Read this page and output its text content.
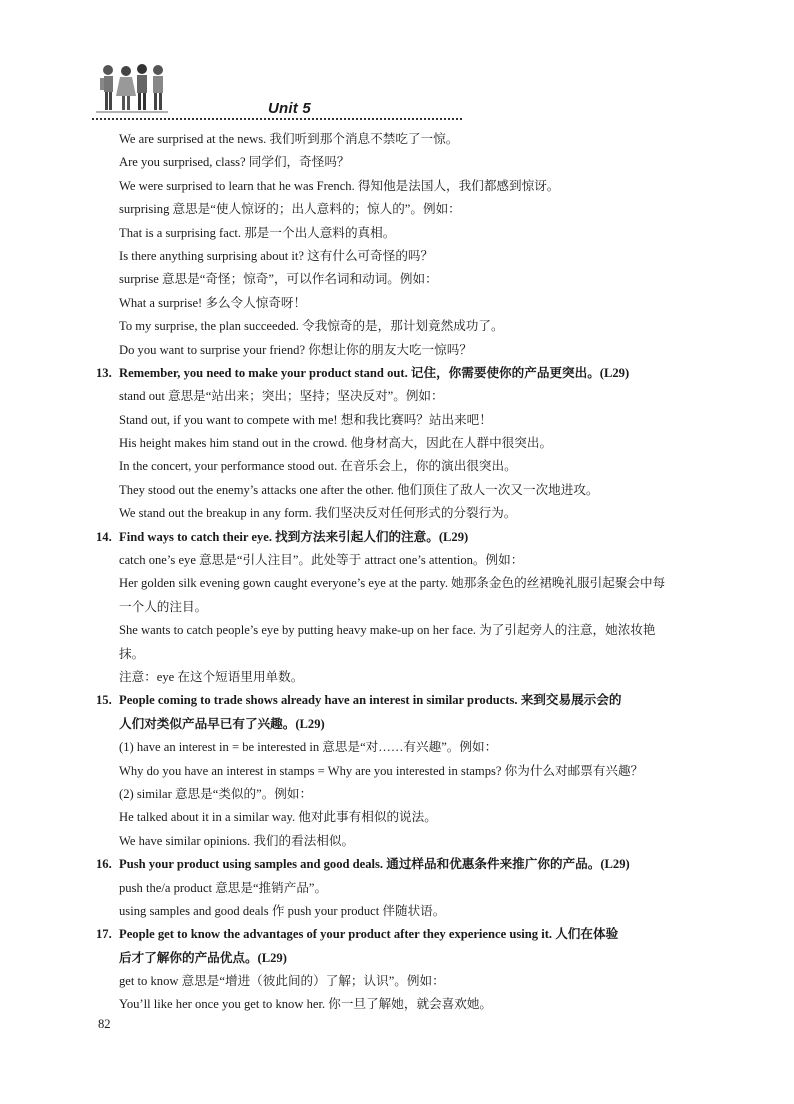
Unit 5
We are surprised at the news. 我们听到那个消息不禁吃了一惊。
Are you surprised, class? 同学们，奇怪吗？
We were surprised to learn that he was French. 得知他是法国人，我们都感到惊讶。
surprising 意思是“使人惊讶的；出人意料的；惊人的”。例如：
That is a surprising fact. 那是一个出人意料的真相。
Is there anything surprising about it? 这有什么可奇怪的吗？
surprise 意思是“奇怪；惊奇”，可以作名词和动词。例如：
What a surprise! 多么令人惊奇呀！
To my surprise, the plan succeeded. 令我惊奇的是，那计划竟然成功了。
Do you want to surprise your friend? 你想让你的朋友大吃一惊吗？
13. Remember, you need to make your product stand out. 记住，你需要使你的产品更突出。(L29)
stand out 意思是“站出来；突出；坚持；坚决反对”。例如：
Stand out, if you want to compete with me! 想和我比赛吗？站出来吧！
His height makes him stand out in the crowd. 他身材高大，因此在人群中很突出。
In the concert, your performance stood out. 在音乐会上，你的演出很突出。
They stood out the enemy’s attacks one after the other. 他们顶住了敌人一次又一次地进攻。
We stand out the breakup in any form. 我们坚决反对任何形式的分裂行为。
14. Find ways to catch their eye. 找到方法来引起人们的注意。(L29)
catch one’s eye 意思是“引人注目”。此处等于 attract one’s attention。例如：
Her golden silk evening gown caught everyone’s eye at the party. 她那条金色的丝裙晚礼服引起聚会中每
一个人的注目。
She wants to catch people’s eye by putting heavy make-up on her face. 为了引起旁人的注意，她浓妆艳
抹。
注意：eye 在这个短语里用单数。
15. People coming to trade shows already have an interest in similar products. 来到交易展示会的
人们对类似产品早已有了兴趣。(L29)
(1) have an interest in = be interested in 意思是“对……有兴趣”。例如：
Why do you have an interest in stamps = Why are you interested in stamps? 你为什么对邮票有兴趣？
(2) similar 意思是“类似的”。例如：
He talked about it in a similar way. 他对此事有相似的说法。
We have similar opinions. 我们的看法相似。
16. Push your product using samples and good deals. 通过样品和优惠条件来推广你的产品。(L29)
push the/a product 意思是“推销产品”。
using samples and good deals 作 push your product 伴随状语。
17. People get to know the advantages of your product after they experience using it. 人们在体验
后才了解你的产品优点。(L29)
get to know 意思是“增进（彼此间的）了解；认识”。例如：
You’ll like her once you get to know her. 你一旦了解她，就会喜欢她。
82
